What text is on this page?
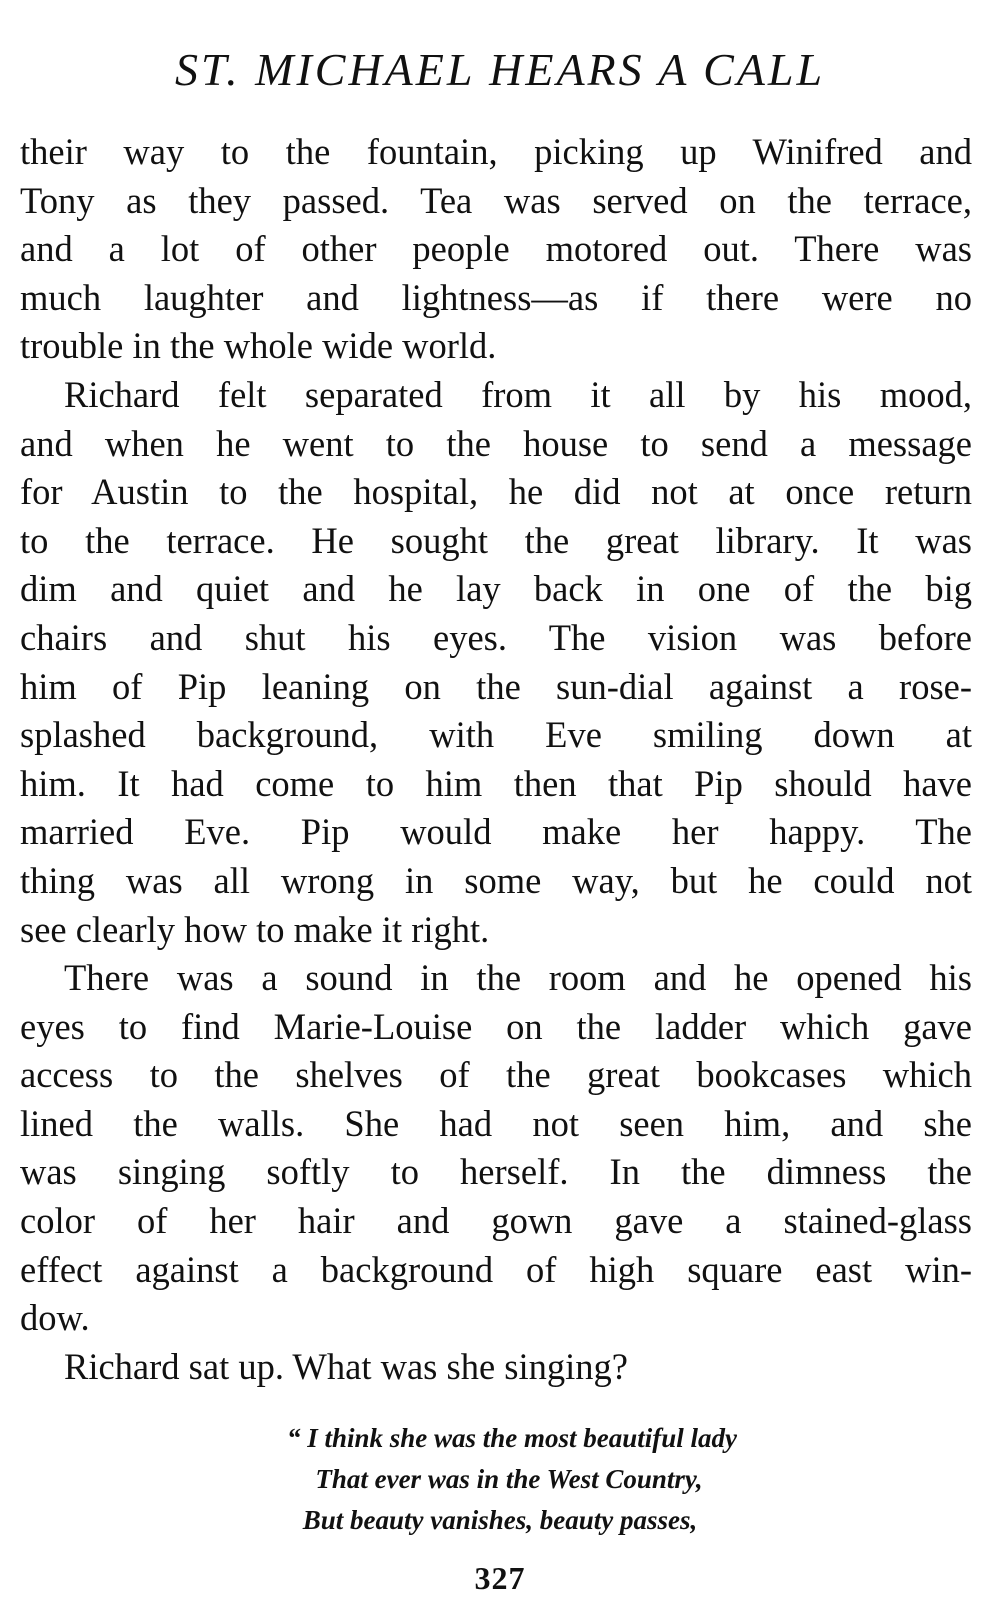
ST. MICHAEL HEARS A CALL
their way to the fountain, picking up Winifred and
Tony as they passed. Tea was served on the terrace,
and a lot of other people motored out. There was
much laughter and lightness—as if there were no
trouble in the whole wide world.
Richard felt separated from it all by his mood,
and when he went to the house to send a message
for Austin to the hospital, he did not at once return
to the terrace. He sought the great library. It was
dim and quiet and he lay back in one of the big
chairs and shut his eyes. The vision was before
him of Pip leaning on the sun-dial against a rose-
splashed background, with Eve smiling down at
him. It had come to him then that Pip should have
married Eve. Pip would make her happy. The
thing was all wrong in some way, but he could not
see clearly how to make it right.
There was a sound in the room and he opened his
eyes to find Marie-Louise on the ladder which gave
access to the shelves of the great bookcases which
lined the walls. She had not seen him, and she
was singing softly to herself. In the dimness the
color of her hair and gown gave a stained-glass
effect against a background of high square east win-
dow.
Richard sat up. What was she singing?
“ I think she was the most beautiful lady
That ever was in the West Country,
But beauty vanishes, beauty passes,
327
